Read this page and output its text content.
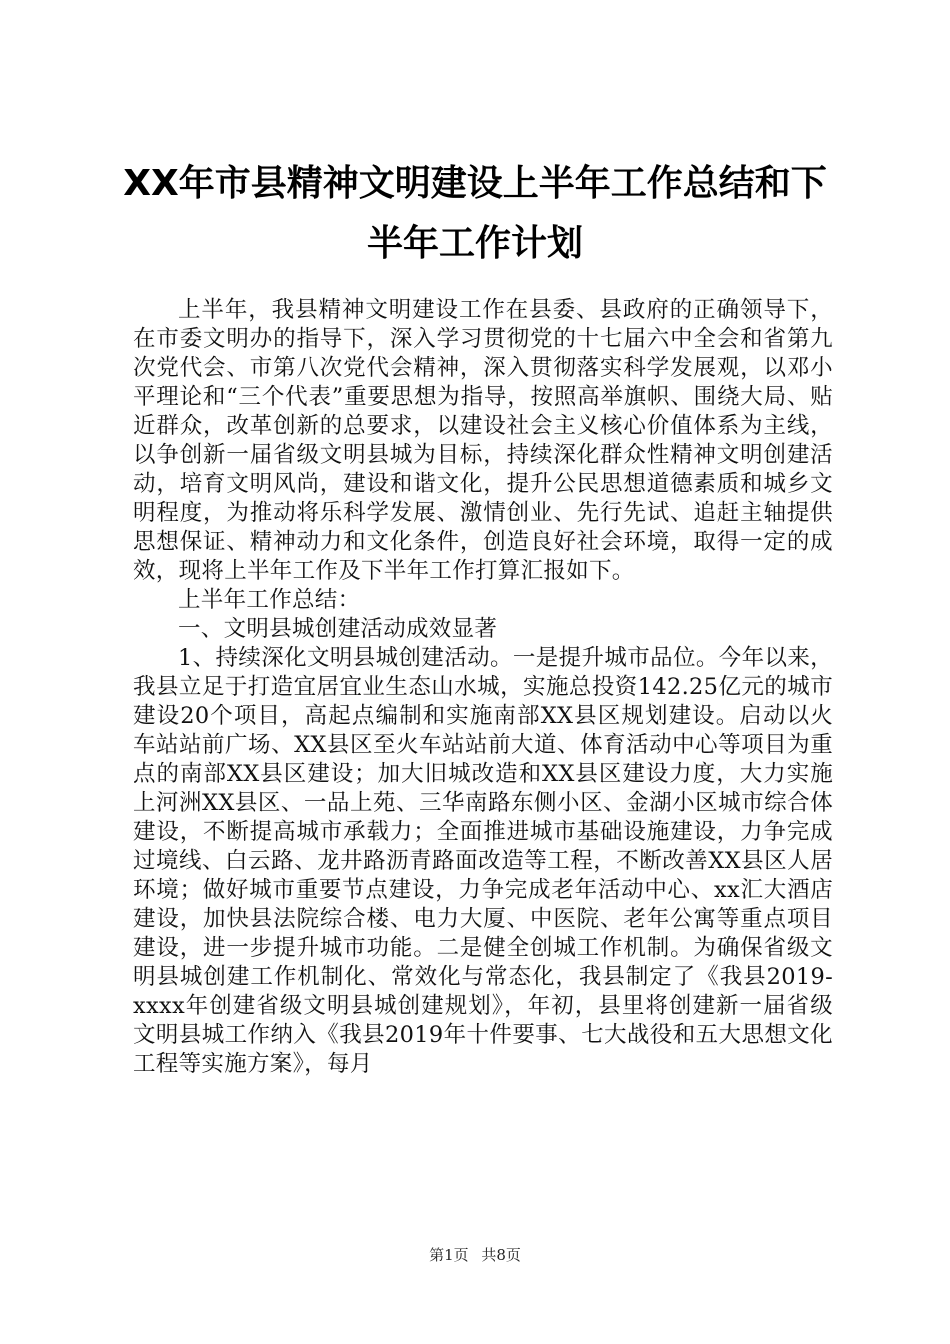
XX年市县精神文明建设上半年工作总结和下
半年工作计划

上半年，我县精神文明建设工作在县委、县政府的正确领导下，在市委文明办的指导下，深入学习贯彻党的十七届六中全会和省第九次党代会、市第八次党代会精神，深入贯彻落实科学发展观，以邓小平理论和“三个代表”重要思想为指导，按照高举旗帜、围绕大局、贴近群众，改革创新的总要求，以建设社会主义核心价值体系为主线，以争创新一届省级文明县城为目标，持续深化群众性精神文明创建活动，培育文明风尚，建设和谐文化，提升公民思想道德素质和城乡文明程度，为推动将乐科学发展、激情创业、先行先试、追赶主轴提供思想保证、精神动力和文化条件，创造良好社会环境，取得一定的成效，现将上半年工作及下半年工作打算汇报如下。

上半年工作总结：

一、文明县城创建活动成效显著

1、持续深化文明县城创建活动。一是提升城市品位。今年以来，我县立足于打造宜居宜业生态山水城，实施总投资142.25亿元的城市建设20个项目，高起点编制和实施南部XX县区规划建设。启动以火车站站前广场、XX县区至火车站站前大道、体育活动中心等项目为重点的南部XX县区建设；加大旧城改造和XX县区建设力度，大力实施上河洲XX县区、一品上苑、三华南路东侧小区、金湖小区城市综合体建设，不断提高城市承载力；全面推进城市基础设施建设，力争完成过境线、白云路、龙井路沥青路面改造等工程，不断改善XX县区人居环境；做好城市重要节点建设，力争完成老年活动中心、xx汇大酒店建设，加快县法院综合楼、电力大厦、中医院、老年公寓等重点项目建设，进一步提升城市功能。二是健全创城工作机制。为确保省级文明县城创建工作机制化、常效化与常态化，我县制定了《我县2019-xxxx年创建省级文明县城创建规划》，年初，县里将创建新一届省级文明县城工作纳入《我县2019年十件要事、七大战役和五大思想文化工程等实施方案》，每月

第1页 共8页
